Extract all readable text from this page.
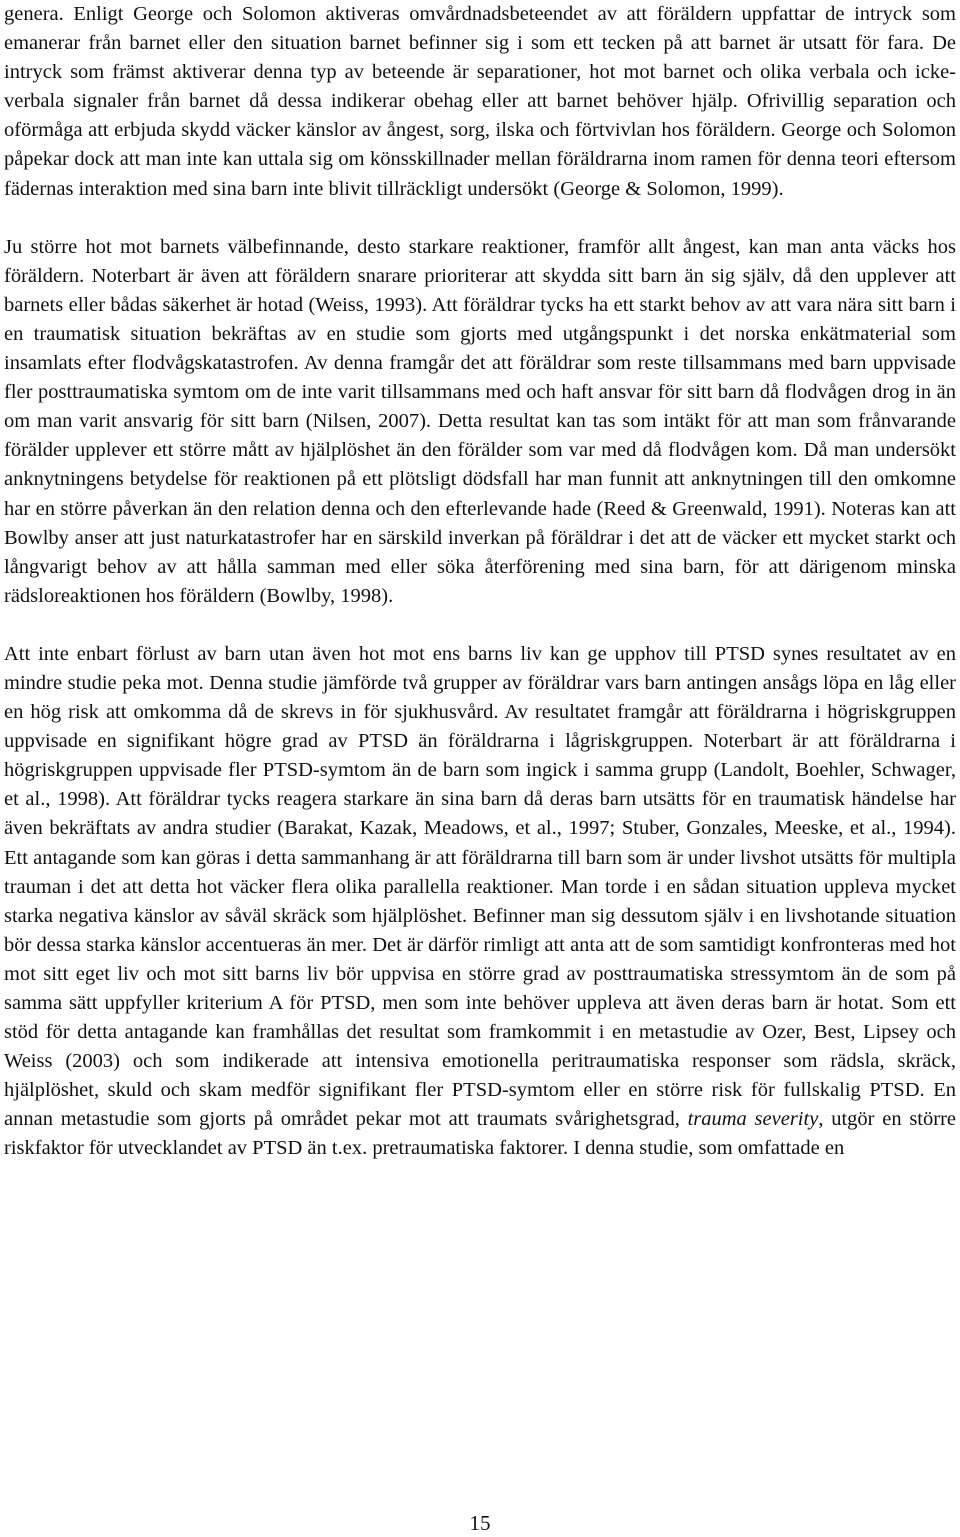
genera. Enligt George och Solomon aktiveras omvårdnadsbeteendet av att föräldern uppfattar de intryck som emanerar från barnet eller den situation barnet befinner sig i som ett tecken på att barnet är utsatt för fara. De intryck som främst aktiverar denna typ av beteende är separationer, hot mot barnet och olika verbala och icke-verbala signaler från barnet då dessa indikerar obehag eller att barnet behöver hjälp. Ofrivillig separation och oförmåga att erbjuda skydd väcker känslor av ångest, sorg, ilska och förtvivlan hos föräldern. George och Solomon påpekar dock att man inte kan uttala sig om könsskillnader mellan föräldrarna inom ramen för denna teori eftersom fädernas interaktion med sina barn inte blivit tillräckligt undersökt (George & Solomon, 1999).

Ju större hot mot barnets välbefinnande, desto starkare reaktioner, framför allt ångest, kan man anta väcks hos föräldern. Noterbart är även att föräldern snarare prioriterar att skydda sitt barn än sig själv, då den upplever att barnets eller bådas säkerhet är hotad (Weiss, 1993). Att föräldrar tycks ha ett starkt behov av att vara nära sitt barn i en traumatisk situation bekräftas av en studie som gjorts med utgångspunkt i det norska enkätmaterial som insamlats efter flodvågskatastrofen. Av denna framgår det att föräldrar som reste tillsammans med barn uppvisade fler posttraumatiska symtom om de inte varit tillsammans med och haft ansvar för sitt barn då flodvågen drog in än om man varit ansvarig för sitt barn (Nilsen, 2007). Detta resultat kan tas som intäkt för att man som frånvarande förälder upplever ett större mått av hjälplöshet än den förälder som var med då flodvågen kom. Då man undersökt anknytningens betydelse för reaktionen på ett plötsligt dödsfall har man funnit att anknytningen till den omkomne har en större påverkan än den relation denna och den efterlevande hade (Reed & Greenwald, 1991). Noteras kan att Bowlby anser att just naturkatastrofer har en särskild inverkan på föräldrar i det att de väcker ett mycket starkt och långvarigt behov av att hålla samman med eller söka återförening med sina barn, för att därigenom minska rädsloreaktionen hos föräldern (Bowlby, 1998).

Att inte enbart förlust av barn utan även hot mot ens barns liv kan ge upphov till PTSD synes resultatet av en mindre studie peka mot. Denna studie jämförde två grupper av föräldrar vars barn antingen ansågs löpa en låg eller en hög risk att omkomma då de skrevs in för sjukhusvård. Av resultatet framgår att föräldrarna i högriskgruppen uppvisade en signifikant högre grad av PTSD än föräldrarna i lågriskgruppen. Noterbart är att föräldrarna i högriskgruppen uppvisade fler PTSD-symtom än de barn som ingick i samma grupp (Landolt, Boehler, Schwager, et al., 1998). Att föräldrar tycks reagera starkare än sina barn då deras barn utsätts för en traumatisk händelse har även bekräftats av andra studier (Barakat, Kazak, Meadows, et al., 1997; Stuber, Gonzales, Meeske, et al., 1994). Ett antagande som kan göras i detta sammanhang är att föräldrarna till barn som är under livshot utsätts för multipla trauman i det att detta hot väcker flera olika parallella reaktioner. Man torde i en sådan situation uppleva mycket starka negativa känslor av såväl skräck som hjälplöshet. Befinner man sig dessutom själv i en livshotande situation bör dessa starka känslor accentueras än mer. Det är därför rimligt att anta att de som samtidigt konfronteras med hot mot sitt eget liv och mot sitt barns liv bör uppvisa en större grad av posttraumatiska stressymtom än de som på samma sätt uppfyller kriterium A för PTSD, men som inte behöver uppleva att även deras barn är hotat. Som ett stöd för detta antagande kan framhållas det resultat som framkommit i en metastudie av Ozer, Best, Lipsey och Weiss (2003) och som indikerade att intensiva emotionella peritraumatiska responser som rädsla, skräck, hjälplöshet, skuld och skam medför signifikant fler PTSD-symtom eller en större risk för fullskalig PTSD. En annan metastudie som gjorts på området pekar mot att traumats svårighetsgrad, trauma severity, utgör en större riskfaktor för utvecklandet av PTSD än t.ex. pretraumatiska faktorer. I denna studie, som omfattade en

15
